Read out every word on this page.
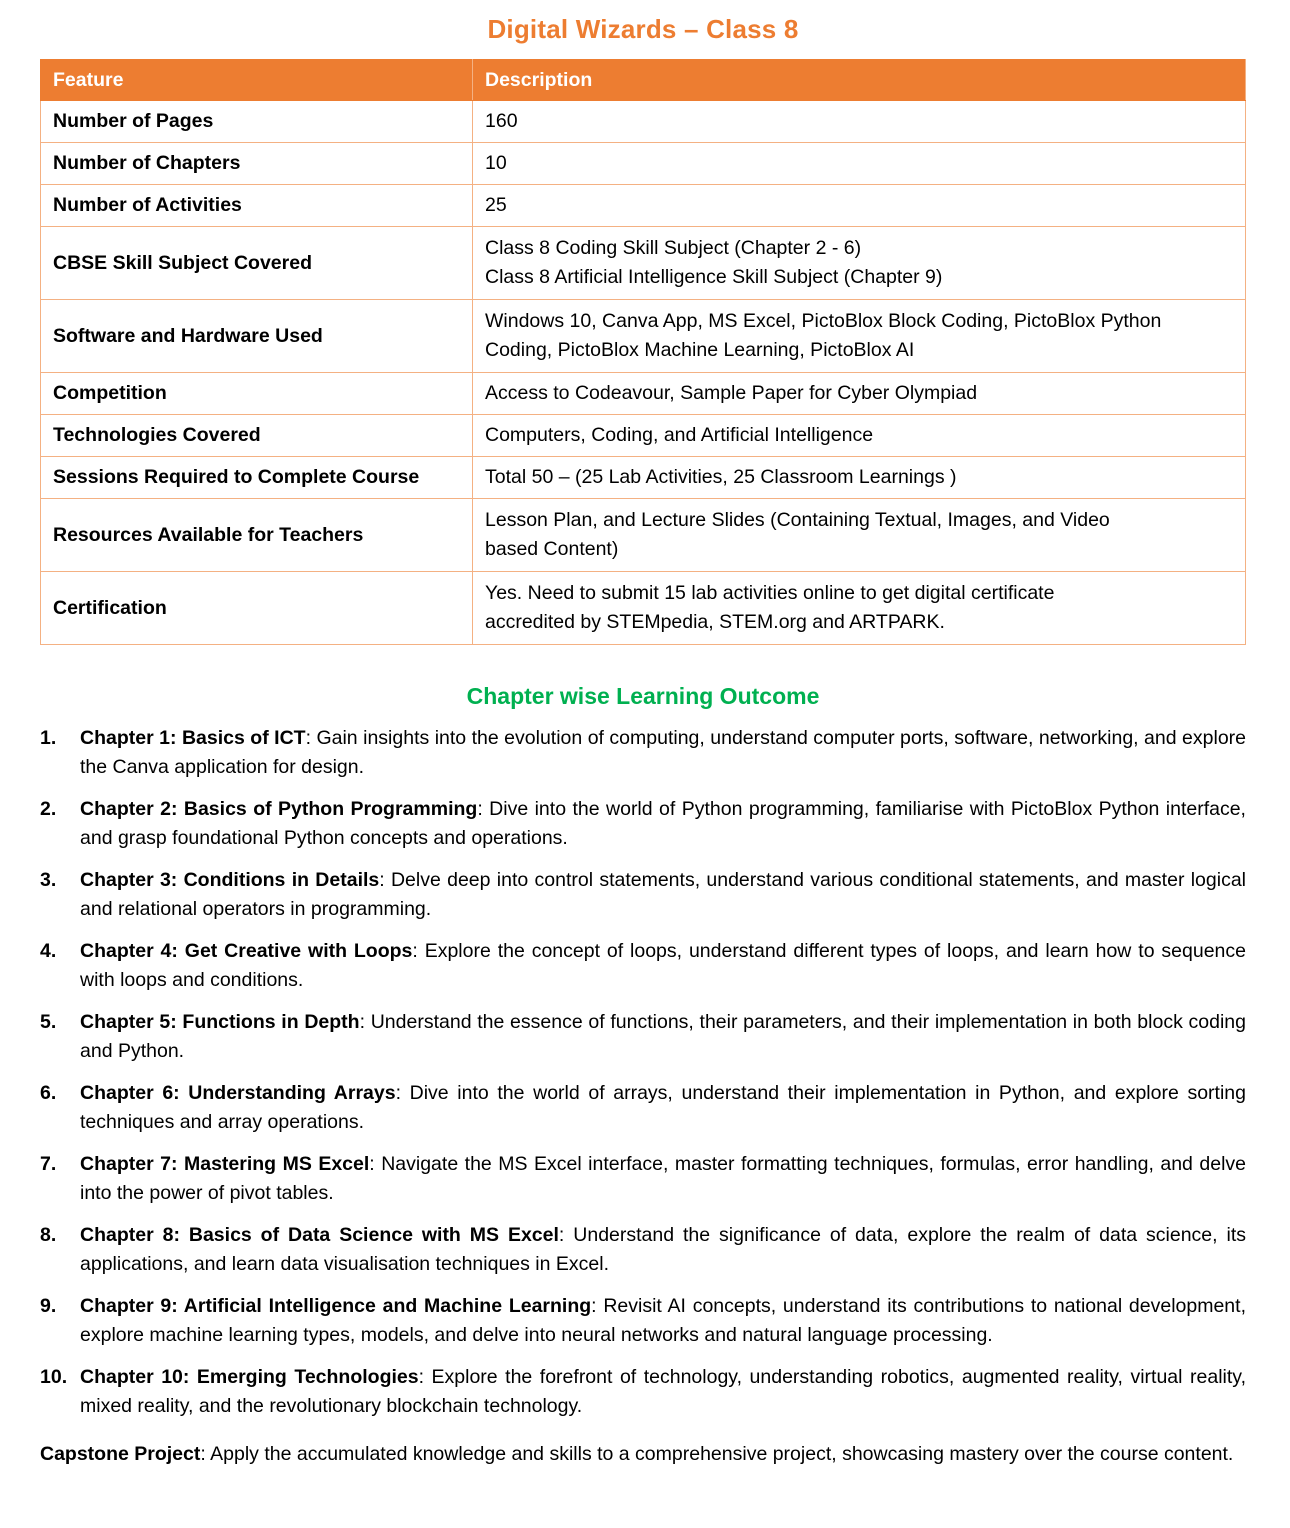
Digital Wizards – Class 8
Feature	Description
Number of Pages	160

Number of Chapters	10

Number of Activities	25

CBSE Skill Subject Covered	Class 8 Coding Skill Subject (Chapter 2 - 6)
Class 8 Artificial Intelligence Skill Subject (Chapter 9)

Software and Hardware Used	Windows 10, Canva App, MS Excel, PictoBlox Block Coding, PictoBlox Python
Coding, PictoBlox Machine Learning, PictoBlox AI

Competition	Access to Codeavour, Sample Paper for Cyber Olympiad

Technologies Covered	Computers, Coding, and Artificial Intelligence

Sessions Required to Complete Course	Total 50 – (25 Lab Activities, 25 Classroom Learnings )

Resources Available for Teachers	Lesson Plan, and Lecture Slides (Containing Textual, Images, and Video
based Content)

Certification	Yes. Need to submit 15 lab activities online to get digital certificate
accredited by STEMpedia, STEM.org and ARTPARK.
Chapter wise Learning Outcome
1. Chapter 1: Basics of ICT: Gain insights into the evolution of computing, understand computer ports, software, networking, and explore the Canva application for design.
2. Chapter 2: Basics of Python Programming: Dive into the world of Python programming, familiarise with PictoBlox Python interface, and grasp foundational Python concepts and operations.
3. Chapter 3: Conditions in Details: Delve deep into control statements, understand various conditional statements, and master logical and relational operators in programming.
4. Chapter 4: Get Creative with Loops: Explore the concept of loops, understand different types of loops, and learn how to sequence with loops and conditions.
5. Chapter 5: Functions in Depth: Understand the essence of functions, their parameters, and their implementation in both block coding and Python.
6. Chapter 6: Understanding Arrays: Dive into the world of arrays, understand their implementation in Python, and explore sorting techniques and array operations.
7. Chapter 7: Mastering MS Excel: Navigate the MS Excel interface, master formatting techniques, formulas, error handling, and delve into the power of pivot tables.
8. Chapter 8: Basics of Data Science with MS Excel: Understand the significance of data, explore the realm of data science, its applications, and learn data visualisation techniques in Excel.
9. Chapter 9: Artificial Intelligence and Machine Learning: Revisit AI concepts, understand its contributions to national development, explore machine learning types, models, and delve into neural networks and natural language processing.
10. Chapter 10: Emerging Technologies: Explore the forefront of technology, understanding robotics, augmented reality, virtual reality, mixed reality, and the revolutionary blockchain technology.
Capstone Project: Apply the accumulated knowledge and skills to a comprehensive project, showcasing mastery over the course content.
